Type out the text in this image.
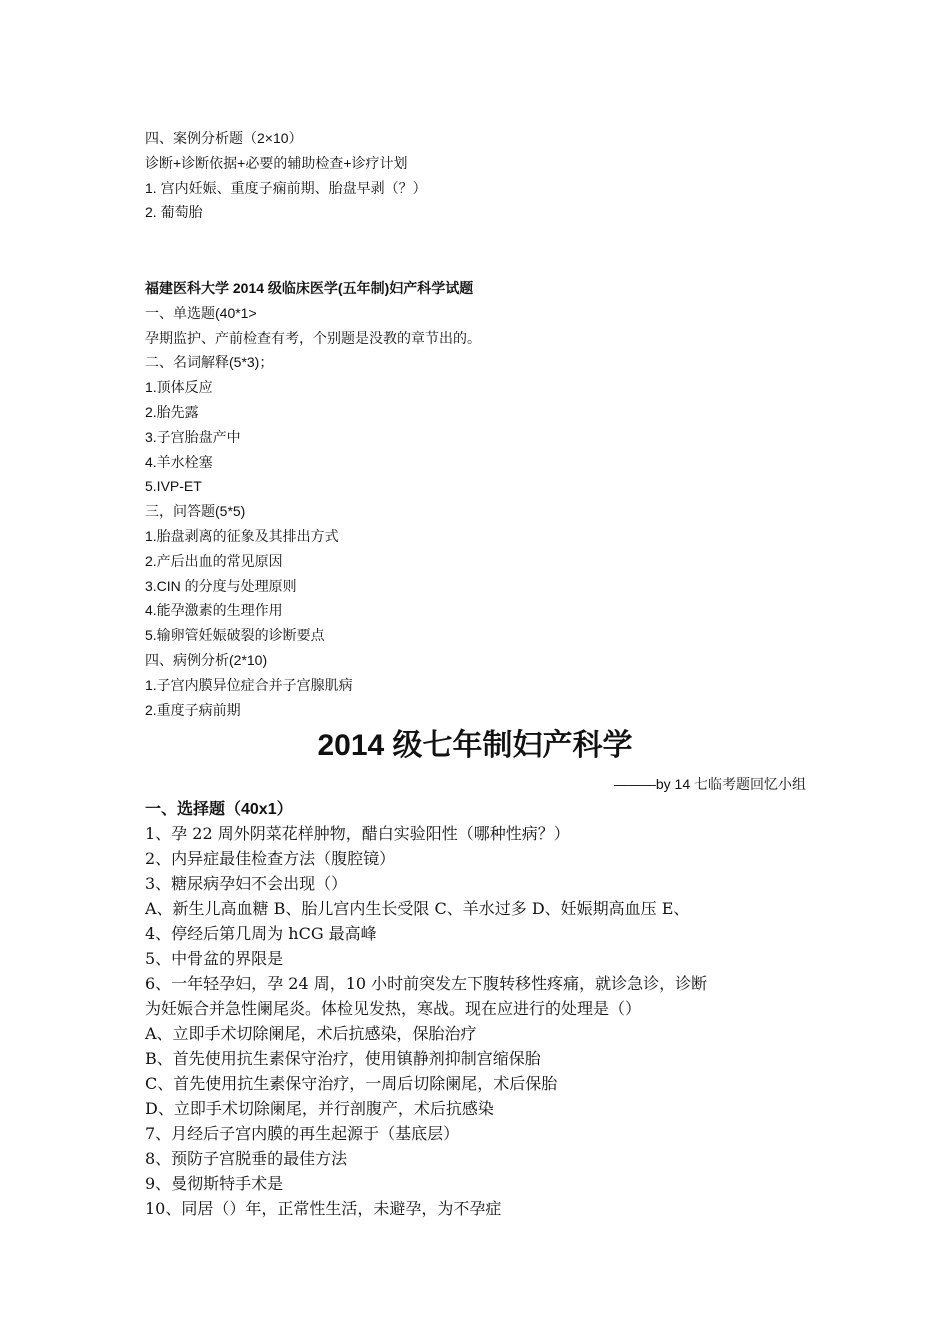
四、案例分析题（2×10）
诊断+诊断依据+必要的辅助检查+诊疗计划
1. 宫内妊娠、重度子痫前期、胎盘早剥（？）
2. 葡萄胎
福建医科大学 2014 级临床医学(五年制)妇产科学试题
一、单选题(40*1>
孕期监护、产前检查有考，个别题是没教的章节出的。
二、名词解释(5*3)；
1.顶体反应
2.胎先露
3.子宫胎盘产中
4.羊水栓塞
5.IVP-ET
三，问答题(5*5)
1.胎盘剥离的征象及其排出方式
2.产后出血的常见原因
3.CIN 的分度与处理原则
4.能孕激素的生理作用
5.输卵管妊娠破裂的诊断要点
四、病例分析(2*10)
1.子宫内膜异位症合并子宫腺肌病
2.重度子病前期
2014 级七年制妇产科学
———by 14 七临考题回忆小组
一、选择题（40x1）
1、孕 22 周外阴菜花样肿物，醋白实验阳性（哪种性病？）
2、内异症最佳检查方法（腹腔镜）
3、糖尿病孕妇不会出现（）
A、新生儿高血糖 B、胎儿宫内生长受限 C、羊水过多 D、妊娠期高血压 E、
4、停经后第几周为 hCG 最高峰
5、中骨盆的界限是
6、一年轻孕妇，孕 24 周，10 小时前突发左下腹转移性疼痛，就诊急诊，诊断
为妊娠合并急性阑尾炎。体检见发热，寒战。现在应进行的处理是（）
A、立即手术切除阑尾，术后抗感染，保胎治疗
B、首先使用抗生素保守治疗，使用镇静剂抑制宫缩保胎
C、首先使用抗生素保守治疗，一周后切除阑尾，术后保胎
D、立即手术切除阑尾，并行剖腹产，术后抗感染
7、月经后子宫内膜的再生起源于（基底层）
8、预防子宫脱垂的最佳方法
9、曼彻斯特手术是
10、同居（）年，正常性生活，未避孕，为不孕症
